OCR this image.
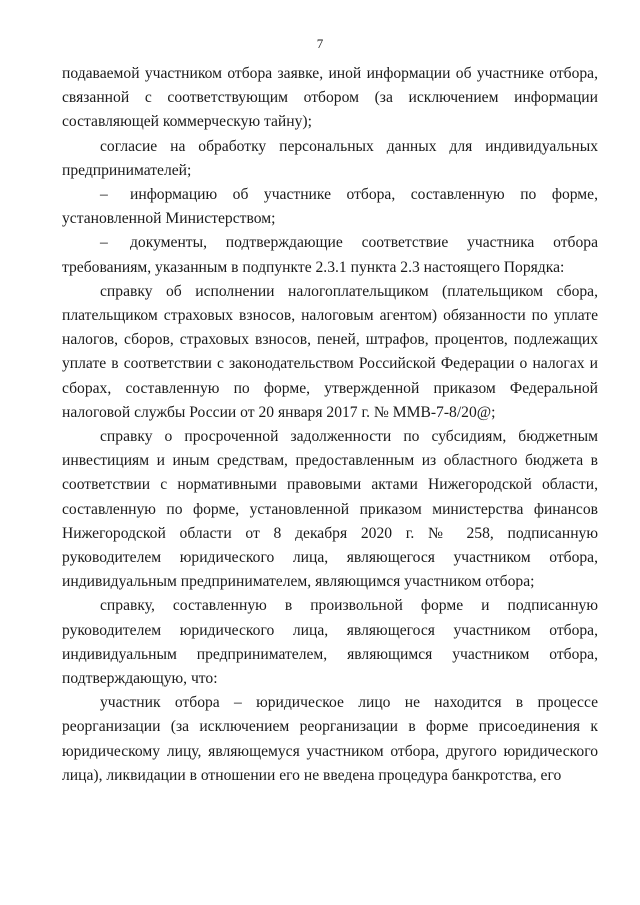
7

подаваемой участником отбора заявке, иной информации об участнике отбора, связанной с соответствующим отбором (за исключением информации составляющей коммерческую тайну);

согласие на обработку персональных данных для индивидуальных предпринимателей;

– информацию об участнике отбора, составленную по форме, установленной Министерством;

– документы, подтверждающие соответствие участника отбора требованиям, указанным в подпункте 2.3.1 пункта 2.3 настоящего Порядка:

справку об исполнении налогоплательщиком (плательщиком сбора, плательщиком страховых взносов, налоговым агентом) обязанности по уплате налогов, сборов, страховых взносов, пеней, штрафов, процентов, подлежащих уплате в соответствии с законодательством Российской Федерации о налогах и сборах, составленную по форме, утвержденной приказом Федеральной налоговой службы России от 20 января 2017 г. № ММВ-7-8/20@;

справку о просроченной задолженности по субсидиям, бюджетным инвестициям и иным средствам, предоставленным из областного бюджета в соответствии с нормативными правовыми актами Нижегородской области, составленную по форме, установленной приказом министерства финансов Нижегородской области от 8 декабря 2020 г. № 258, подписанную руководителем юридического лица, являющегося участником отбора, индивидуальным предпринимателем, являющимся участником отбора;

справку, составленную в произвольной форме и подписанную руководителем юридического лица, являющегося участником отбора, индивидуальным предпринимателем, являющимся участником отбора, подтверждающую, что:

участник отбора – юридическое лицо не находится в процессе реорганизации (за исключением реорганизации в форме присоединения к юридическому лицу, являющемуся участником отбора, другого юридического лица), ликвидации в отношении его не введена процедура банкротства, его
